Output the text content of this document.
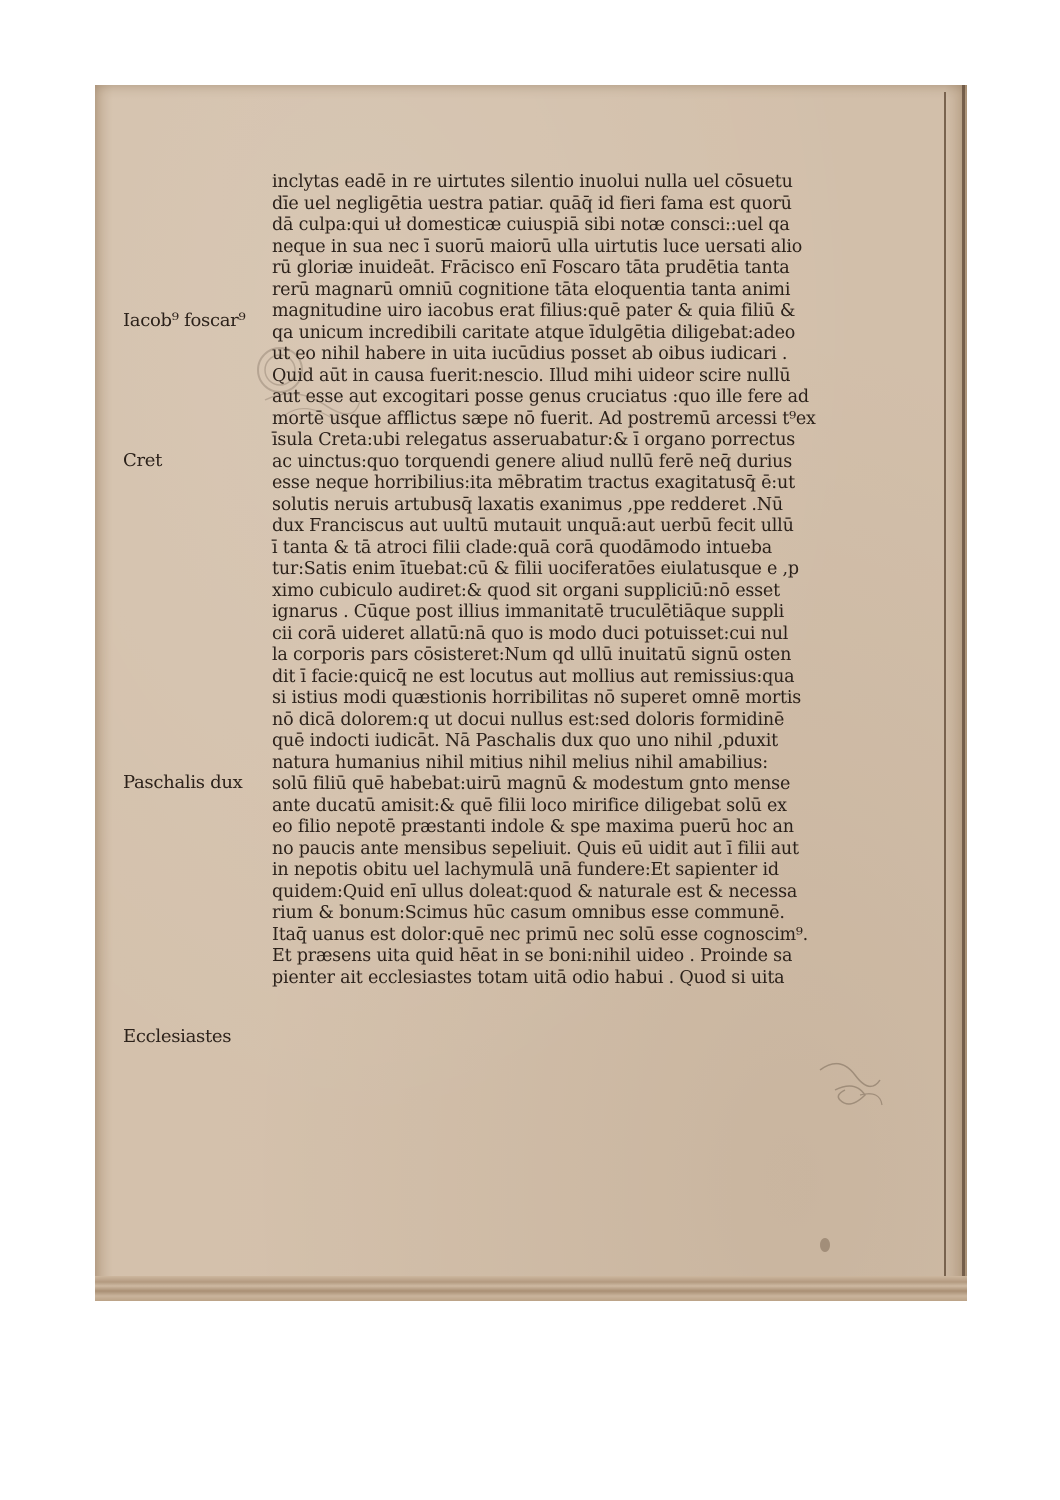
inclytas eadē in re uirtutes silentio inuolui nulla uel cōsuetu
dīe uel negligētia uestra patiar. quāq̄ id fieri fama est quorū
dā culpa:qui uł domesticæ cuiuspiā sibi notæ consci::uel qa
neque in sua nec ī suorū maiorū ulla uirtutis luce uersati alio
rū gloriæ inuideāt. Frācisco enī Foscaro tāta prudētia tanta
rerū magnarū omniū cognitione tāta eloquentia tanta animi
magnitudine uiro iacobus erat filius:quē pater & quia filiū &
qa unicum incredibili caritate atque īdulgētia diligebat:adeo
ut eo nihil habere in uita iucūdius posset ab oibus iudicari .
Quid aūt in causa fuerit:nescio. Illud mihi uideor scire nullū
aut esse aut excogitari posse genus cruciatus :quo ille fere ad
mortē usque afflictus sæpe nō fuerit. Ad postremū arcessi t⁹ex
īsula Creta:ubi relegatus asseruabatur:& ī organo porrectus
ac uinctus:quo torquendi genere aliud nullū ferē neq̄ durius
esse neque horribilius:ita mēbratim tractus exagitatusq̄ ē:ut
solutis neruis artubusq̄ laxatis exanimus ,ppe redderet .Nū
dux Franciscus aut uultū mutauit unquā:aut uerbū fecit ullū
ī tanta & tā atroci filii clade:quā corā quodāmodo intueba
tur:Satis enim ītuebat:cū & filii uociferatōes eiulatusque e ,p
ximo cubiculo audiret:& quod sit organi suppliciū:nō esset
ignarus . Cūque post illius immanitatē truculētiāque suppli
cii corā uideret allatū:nā quo is modo duci potuisset:cui nul
la corporis pars cōsisteret:Num qd ullū inuitatū signū osten
dit ī facie:quicq̄ ne est locutus aut mollius aut remissius:qua
si istius modi quæstionis horribilitas nō superet omnē mortis
nō dicā dolorem:q ut docui nullus est:sed doloris formidinē
quē indocti iudicāt. Nā Paschalis dux quo uno nihil ,pduxit
natura humanius nihil mitius nihil melius nihil amabilius:
solū filiū quē habebat:uirū magnū & modestum gnto mense
ante ducatū amisit:& quē filii loco mirifice diligebat solū ex
eo filio nepotē præstanti indole & spe maxima puerū hoc an
no paucis ante mensibus sepeliuit. Quis eū uidit aut ī filii aut
in nepotis obitu uel lachymulā unā fundere:Et sapienter id
quidem:Quid enī ullus doleat:quod & naturale est & necessa
rium & bonum:Scimus hūc casum omnibus esse communē.
Itaq̄ uanus est dolor:quē nec primū nec solū esse cognoscim⁹.
Et præsens uita quid hēat in se boni:nihil uideo . Proinde sa
pienter ait ecclesiastes totam uitā odio habui . Quod si uita
Iacob⁹ foscar⁹
Cret
Paschalis dux
Ecclesiastes
